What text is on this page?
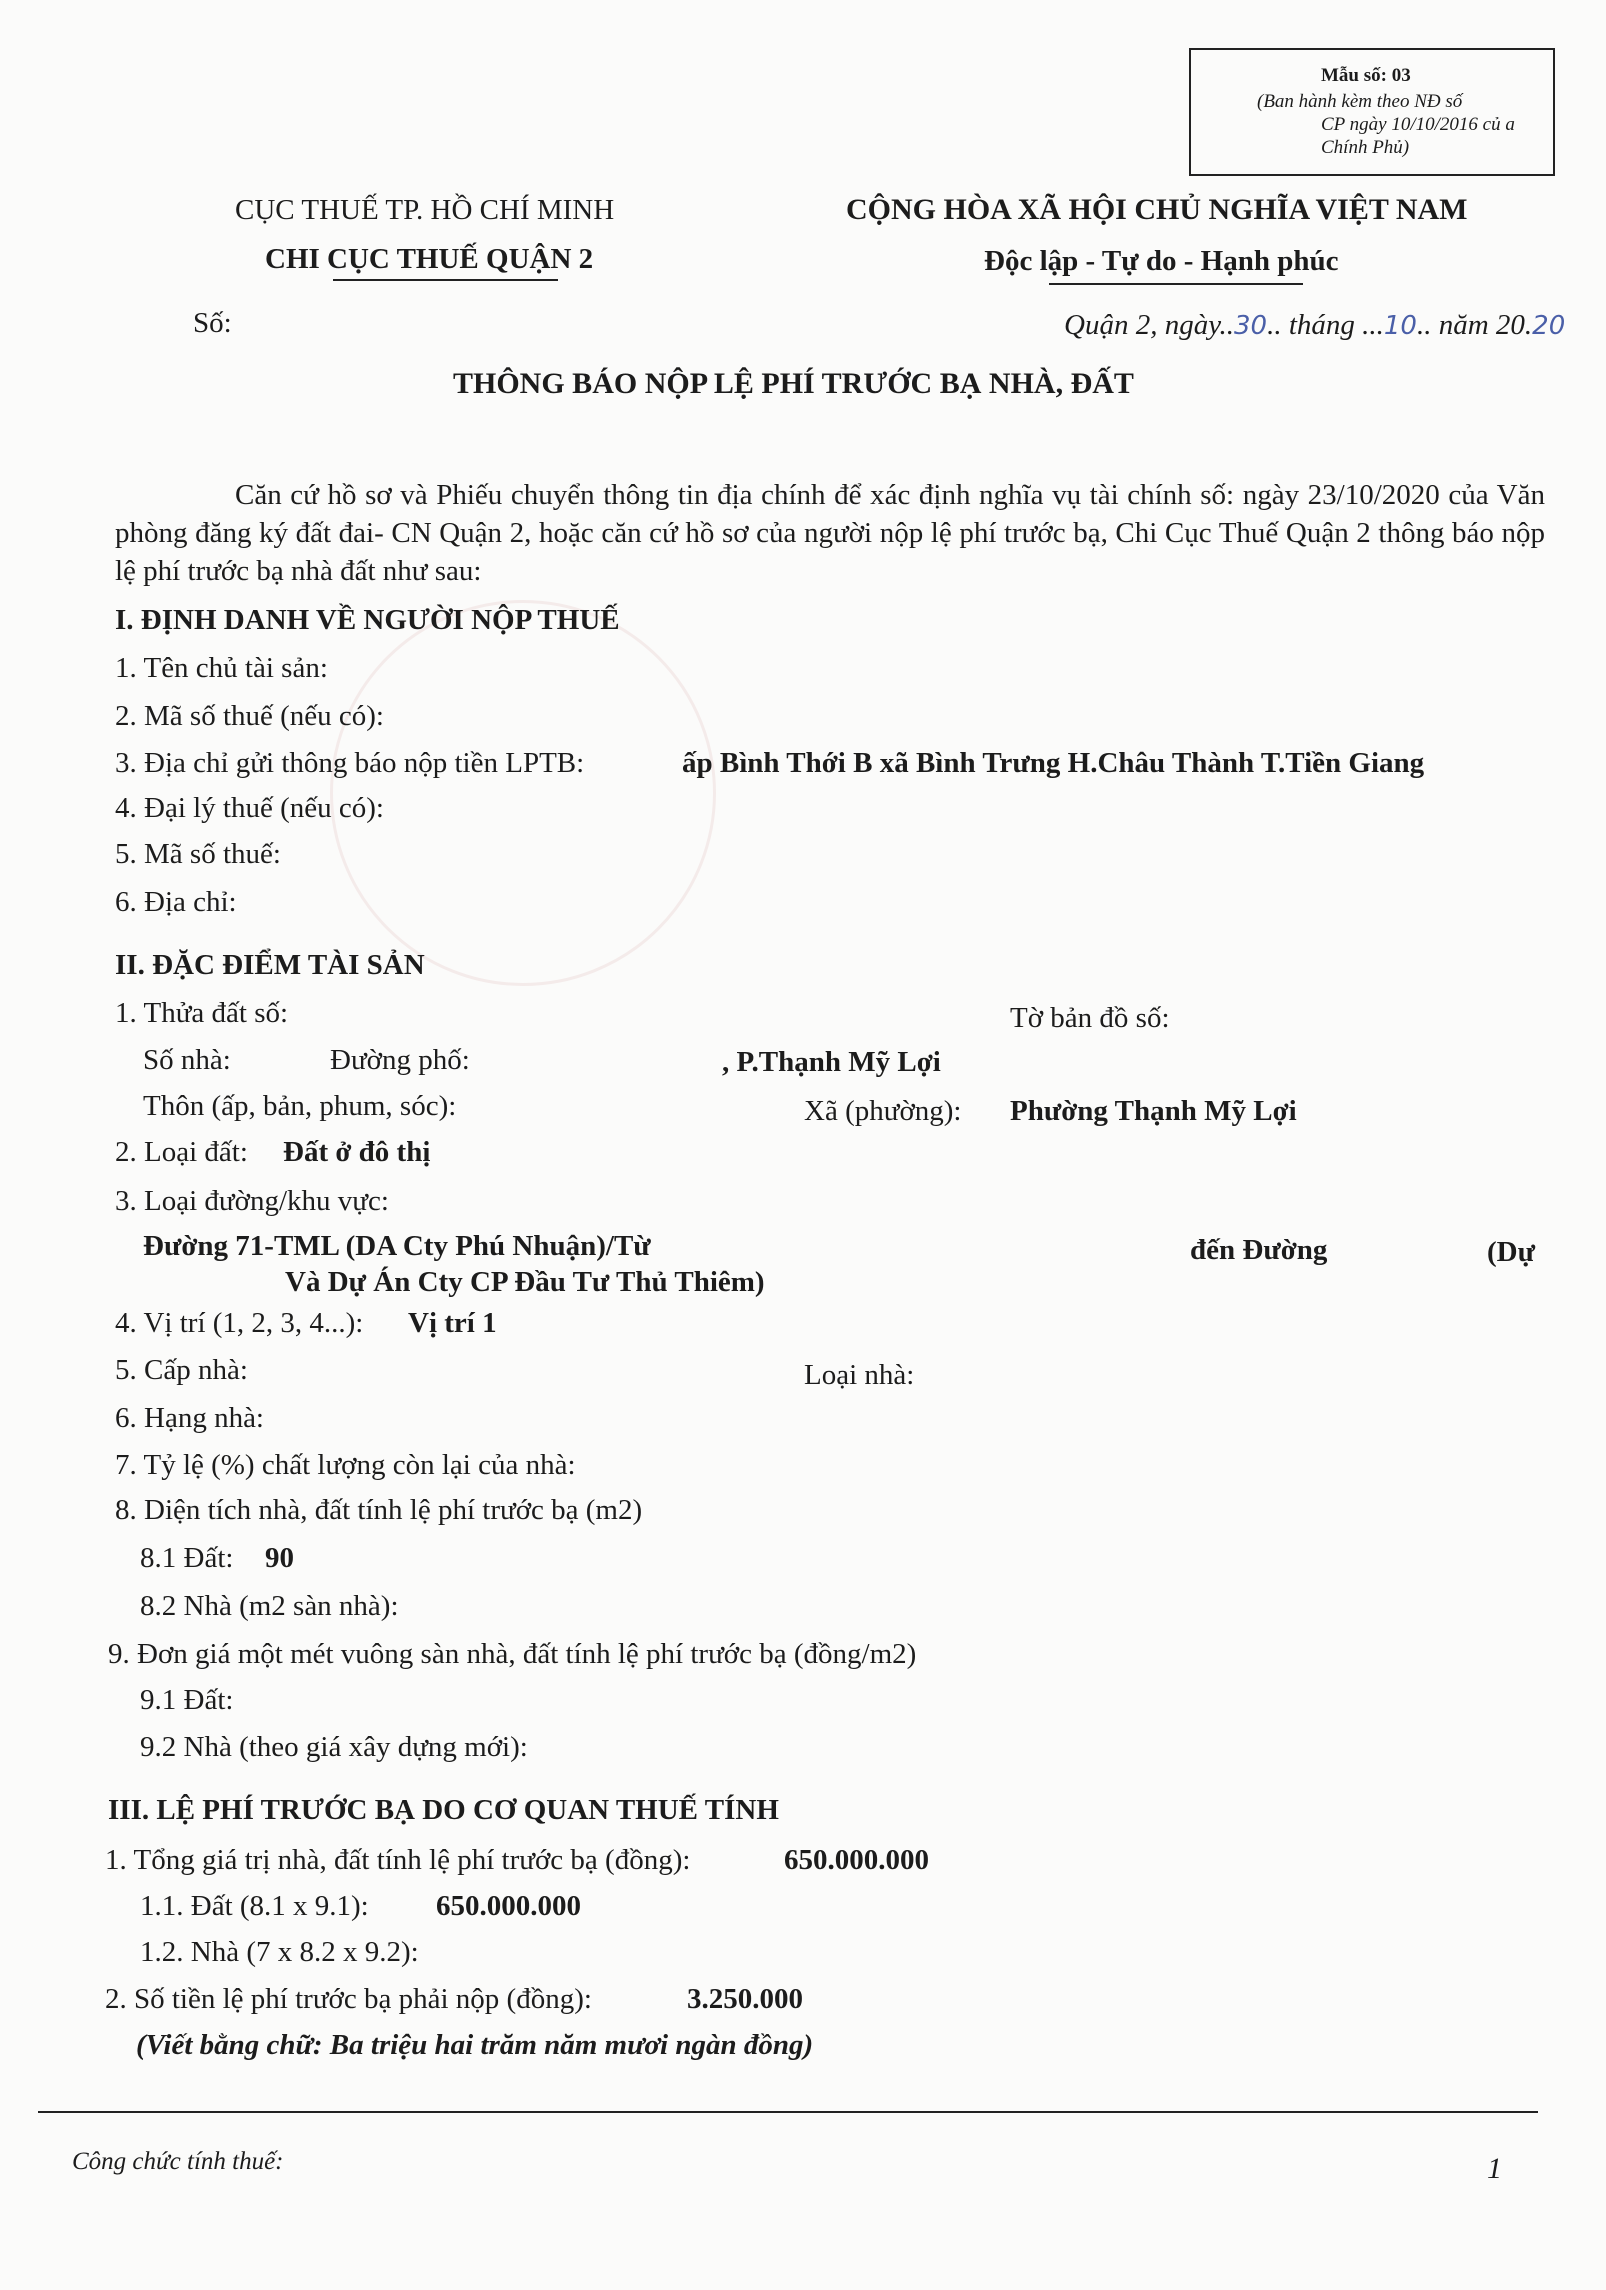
Mẫu số: 03
(Ban hành kèm theo NĐ số
CP ngày 10/10/2016 củ a
Chính Phủ)
CỤC THUẾ TP. HỒ CHÍ MINH
CHI CỤC THUẾ QUẬN 2
Số:
CỘNG HÒA XÃ HỘI CHỦ NGHĨA VIỆT NAM
Độc lập - Tự do - Hạnh phúc
Quận 2, ngày..30.. tháng ...10.. năm 20.20
THÔNG BÁO NỘP LỆ PHÍ TRƯỚC BẠ NHÀ, ĐẤT
Căn cứ hồ sơ và Phiếu chuyển thông tin địa chính để xác định nghĩa vụ tài chính số: ngày 23/10/2020 của Văn phòng đăng ký đất đai- CN Quận 2, hoặc căn cứ hồ sơ của người nộp lệ phí trước bạ, Chi Cục Thuế Quận 2 thông báo nộp lệ phí trước bạ nhà đất như sau:
I. ĐỊNH DANH VỀ NGƯỜI NỘP THUẾ
1. Tên chủ tài sản:
2. Mã số thuế (nếu có):
3. Địa chỉ gửi thông báo nộp tiền LPTB:	ấp Bình Thới B xã Bình Trưng H.Châu Thành T.Tiền Giang
4. Đại lý thuế (nếu có):
5. Mã số thuế:
6. Địa chỉ:
II. ĐẶC ĐIỂM TÀI SẢN
1. Thửa đất số:	Tờ bản đồ số:
Số nhà:	Đường phố:	, P.Thạnh Mỹ Lợi
Thôn (ấp, bản, phum, sóc):	Xã (phường): Phường Thạnh Mỹ Lợi
2. Loại đất: Đất ở đô thị
3. Loại đường/khu vực:
Đường 71-TML (DA Cty Phú Nhuận)/Từ	đến Đường	(Dự
Và Dự Án Cty CP Đầu Tư Thủ Thiêm)
4. Vị trí (1, 2, 3, 4...): Vị trí 1
5. Cấp nhà:	Loại nhà:
6. Hạng nhà:
7. Tỷ lệ (%) chất lượng còn lại của nhà:
8. Diện tích nhà, đất tính lệ phí trước bạ (m2)
8.1 Đất: 90
8.2 Nhà (m2 sàn nhà):
9. Đơn giá một mét vuông sàn nhà, đất tính lệ phí trước bạ (đồng/m2)
9.1 Đất:
9.2 Nhà (theo giá xây dựng mới):
III. LỆ PHÍ TRƯỚC BẠ DO CƠ QUAN THUẾ TÍNH
1. Tổng giá trị nhà, đất tính lệ phí trước bạ (đồng):	650.000.000
1.1. Đất (8.1 x 9.1): 650.000.000
1.2. Nhà (7 x 8.2 x 9.2):
2. Số tiền lệ phí trước bạ phải nộp (đồng):	3.250.000
(Viết bằng chữ: Ba triệu hai trăm năm mươi ngàn đồng)
Công chức tính thuế:	1
